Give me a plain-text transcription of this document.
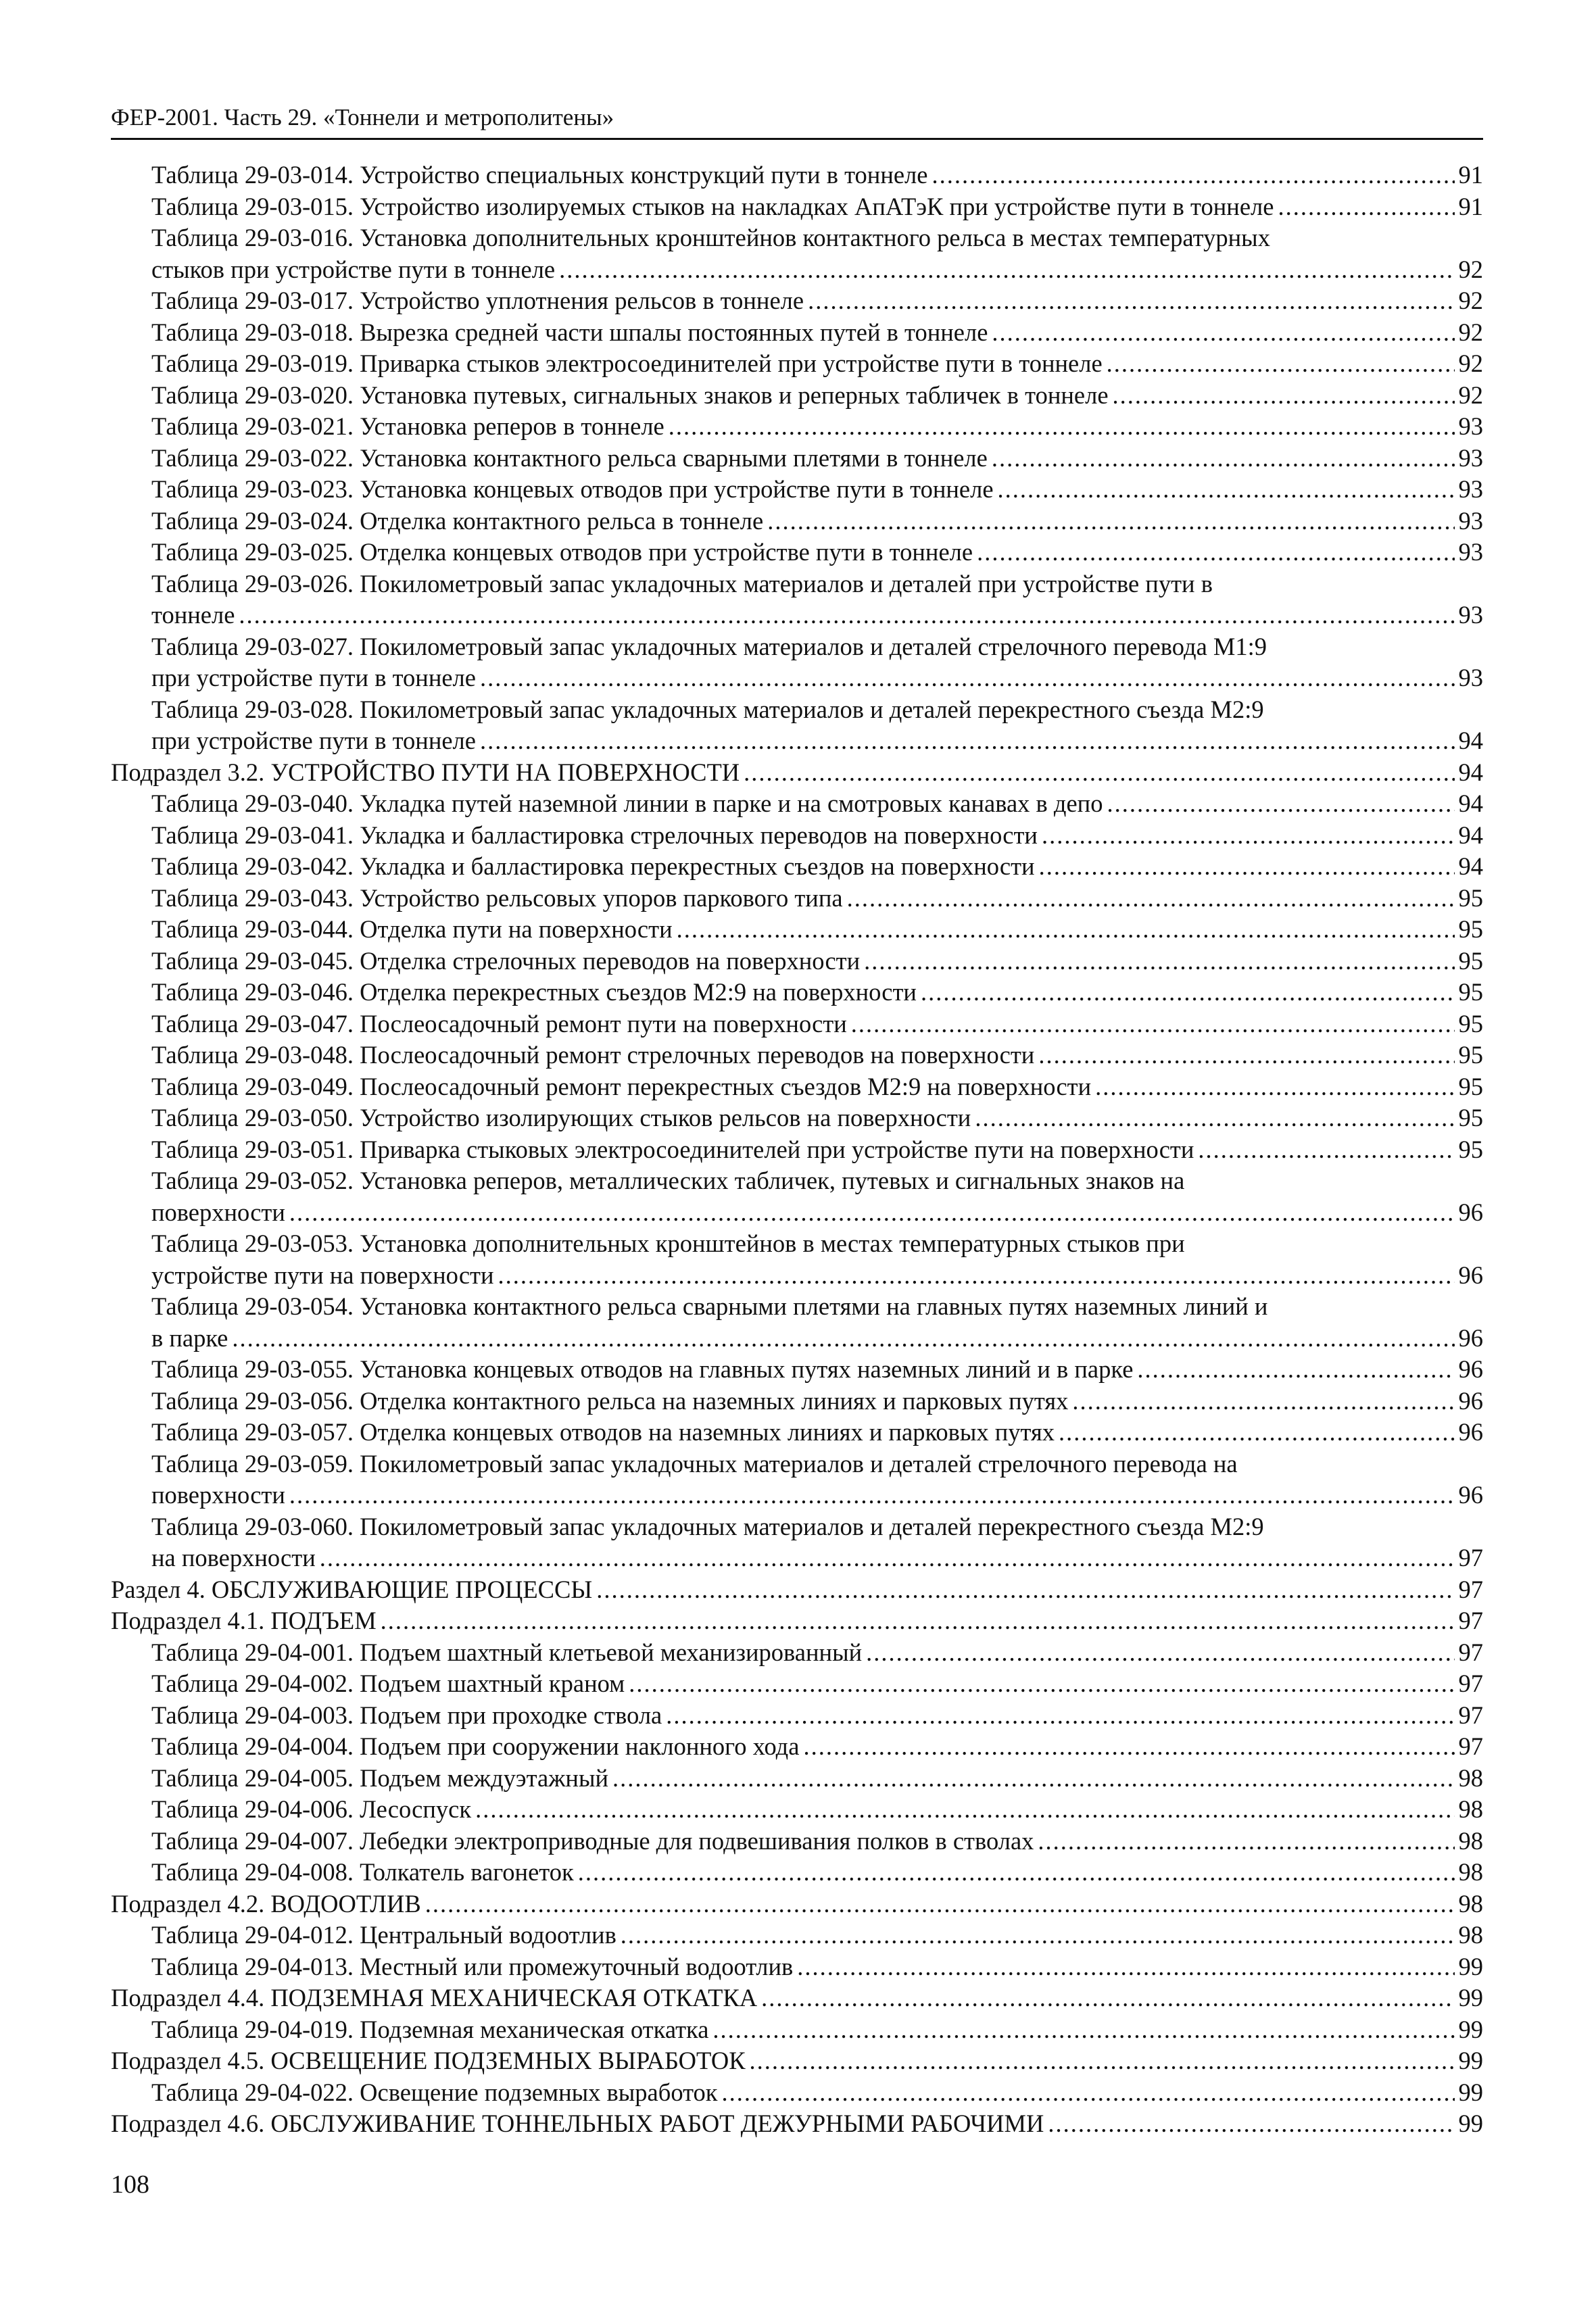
ФЕР-2001. Часть 29. «Тоннели и метрополитены»
Таблица 29-03-014. Устройство специальных конструкций пути в тоннеле .....	91
Таблица 29-03-015. Устройство изолируемых стыков на накладках АпАТэК при устройстве пути в тоннеле .....	91
Таблица 29-03-016. Установка дополнительных кронштейнов контактного рельса в местах температурных
стыков при устройстве пути в тоннеле .....	92
Таблица 29-03-017. Устройство уплотнения рельсов в тоннеле .....	92
Таблица 29-03-018. Вырезка средней части шпалы постоянных путей в тоннеле .....	92
Таблица 29-03-019. Приварка стыков электросоединителей при устройстве пути в тоннеле .....	92
Таблица 29-03-020. Установка путевых, сигнальных знаков и реперных табличек в тоннеле .....	92
Таблица 29-03-021. Установка реперов в тоннеле .....	93
Таблица 29-03-022. Установка контактного рельса сварными плетями в тоннеле .....	93
Таблица 29-03-023. Установка концевых отводов при устройстве пути в тоннеле .....	93
Таблица 29-03-024. Отделка контактного рельса в тоннеле .....	93
Таблица 29-03-025. Отделка концевых отводов при устройстве пути в тоннеле .....	93
Таблица 29-03-026. Покилометровый запас укладочных материалов и деталей при устройстве пути в
тоннеле .....	93
Таблица 29-03-027. Покилометровый запас укладочных материалов и деталей стрелочного перевода М1:9
при устройстве пути в тоннеле .....	93
Таблица 29-03-028. Покилометровый запас укладочных материалов и деталей перекрестного съезда М2:9
при устройстве пути в тоннеле .....	94
Подраздел 3.2. УСТРОЙСТВО ПУТИ НА ПОВЕРХНОСТИ .....	94
Таблица 29-03-040. Укладка путей наземной линии в парке и на смотровых канавах в депо .....	94
Таблица 29-03-041. Укладка и балластировка стрелочных переводов на поверхности .....	94
Таблица 29-03-042. Укладка и балластировка перекрестных съездов на поверхности .....	94
Таблица 29-03-043. Устройство рельсовых упоров паркового типа .....	95
Таблица 29-03-044. Отделка пути на поверхности .....	95
Таблица 29-03-045. Отделка стрелочных переводов на поверхности .....	95
Таблица 29-03-046. Отделка перекрестных съездов М2:9 на поверхности .....	95
Таблица 29-03-047. Послеосадочный ремонт пути на поверхности .....	95
Таблица 29-03-048. Послеосадочный ремонт стрелочных переводов на поверхности .....	95
Таблица 29-03-049. Послеосадочный ремонт перекрестных съездов М2:9 на поверхности .....	95
Таблица 29-03-050. Устройство изолирующих стыков рельсов на поверхности .....	95
Таблица 29-03-051. Приварка стыковых электросоединителей при устройстве пути на поверхности .....	95
Таблица 29-03-052. Установка реперов, металлических табличек, путевых и сигнальных знаков на
поверхности .....	96
Таблица 29-03-053. Установка дополнительных кронштейнов в местах температурных стыков при
устройстве пути на поверхности .....	96
Таблица 29-03-054. Установка контактного рельса сварными плетями на главных путях наземных линий и
в парке .....	96
Таблица 29-03-055. Установка концевых отводов на главных путях наземных линий и в парке .....	96
Таблица 29-03-056. Отделка контактного рельса на наземных линиях и парковых путях .....	96
Таблица 29-03-057. Отделка концевых отводов на наземных линиях и парковых путях .....	96
Таблица 29-03-059. Покилометровый запас укладочных материалов и деталей стрелочного перевода на
поверхности .....	96
Таблица 29-03-060. Покилометровый запас укладочных материалов и деталей перекрестного съезда М2:9
на поверхности .....	97
Раздел 4. ОБСЛУЖИВАЮЩИЕ ПРОЦЕССЫ .....	97
Подраздел 4.1. ПОДЪЕМ .....	97
Таблица 29-04-001. Подъем шахтный клетьевой механизированный .....	97
Таблица 29-04-002. Подъем шахтный краном .....	97
Таблица 29-04-003. Подъем при проходке ствола .....	97
Таблица 29-04-004. Подъем при сооружении наклонного хода .....	97
Таблица 29-04-005. Подъем междуэтажный .....	98
Таблица 29-04-006. Лесоспуск .....	98
Таблица 29-04-007. Лебедки электроприводные для подвешивания полков в стволах .....	98
Таблица 29-04-008. Толкатель вагонеток .....	98
Подраздел 4.2. ВОДООТЛИВ .....	98
Таблица 29-04-012. Центральный водоотлив .....	98
Таблица 29-04-013. Местный или промежуточный водоотлив .....	99
Подраздел 4.4. ПОДЗЕМНАЯ МЕХАНИЧЕСКАЯ ОТКАТКА .....	99
Таблица 29-04-019. Подземная механическая откатка .....	99
Подраздел 4.5. ОСВЕЩЕНИЕ ПОДЗЕМНЫХ ВЫРАБОТОК .....	99
Таблица 29-04-022. Освещение подземных выработок .....	99
Подраздел 4.6. ОБСЛУЖИВАНИЕ ТОННЕЛЬНЫХ РАБОТ ДЕЖУРНЫМИ РАБОЧИМИ .....	99
108
